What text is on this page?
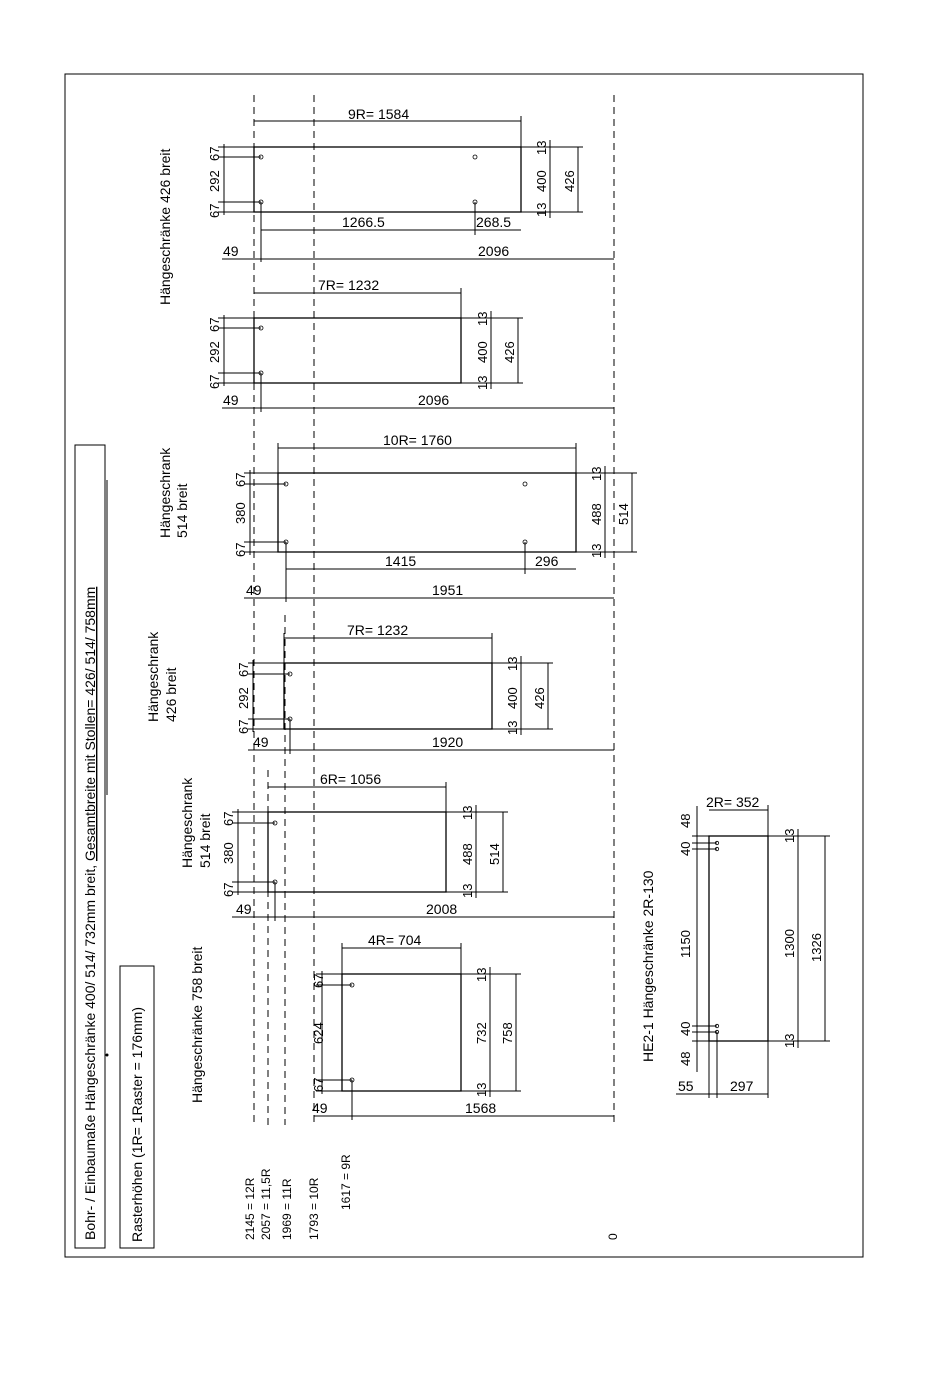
Bohr- / Einbaumaße Hängeschränke 400/ 514/ 732mm breit, Gesamtbreite mit Stollen= 426/ 514/ 758mm
Rasterhöhen (1R= 1Raster = 176mm)	2145 = 12R 2057 = 11,5R 1969 = 11R 1793 = 10R 1617 = 9R
0
Hängeschränke 426 breit
9R= 1584
67
292
67
13
400
13
426
1266.5	268.5
49	2096
7R= 1232
67
292
67
13
400
13
426
49	2096
Hängeschrank 514 breit
10R= 1760
67
380
67
13
488
13
514
1415	296
49	1951
Hängeschrank 426 breit
7R= 1232
67
292
67
13
400
13
426
49	1920
Hängeschrank 514 breit
6R= 1056
67
380
67
13
488
13
514
49	2008
Hängeschränke 758 breit
4R= 704
67
624
67
13
732
13
758
49	1568
HE2-1 Hängeschränke 2R-130
2R= 352
48
40
1150
40
48
13
1300
13
1326
55	297
